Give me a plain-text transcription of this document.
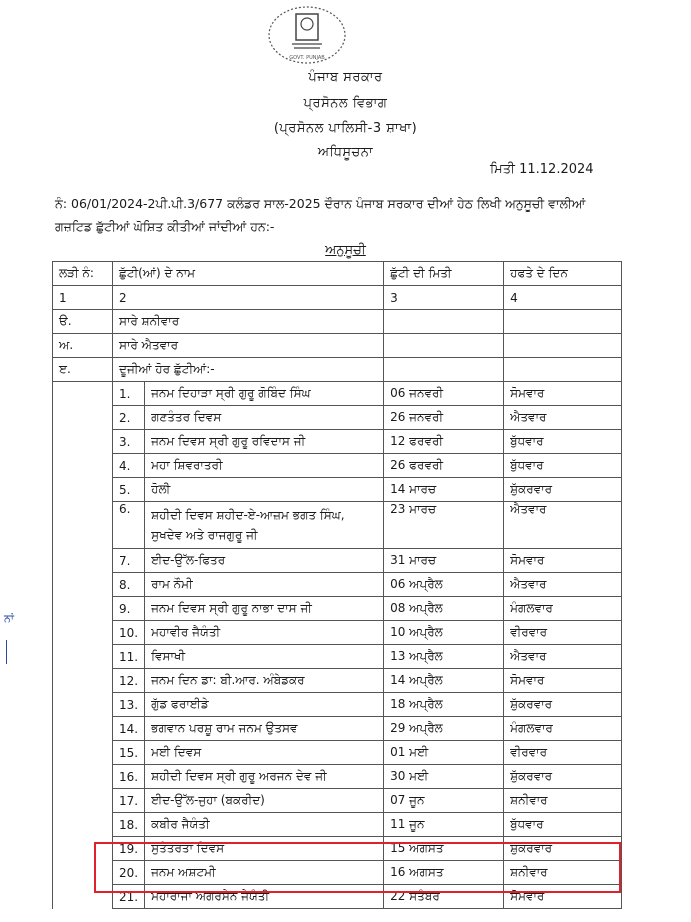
GOVT. PUNJAB
ਪੰਜਾਬ ਸਰਕਾਰ
ਪ੍ਰਸੋਨਲ ਵਿਭਾਗ
(ਪ੍ਰਸੋਨਲ ਪਾਲਿਸੀ-3 ਸ਼ਾਖਾ)
ਅਧਿਸੂਚਨਾ
ਮਿਤੀ 11.12.2024
ਨੰ: 06/01/2024-2ਪੀ.ਪੀ.3/677 ਕਲੰਡਰ ਸਾਲ-2025 ਦੌਰਾਨ ਪੰਜਾਬ ਸਰਕਾਰ ਦੀਆਂ ਹੇਠ ਲਿਖੀ ਅਨੁਸੂਚੀ ਵਾਲੀਆਂ
ਗਜ਼ਟਿਡ ਛੁੱਟੀਆਂ ਘੋਸ਼ਿਤ ਕੀਤੀਆਂ ਜਾਂਦੀਆਂ ਹਨ:-
ਅਨੁਸੂਚੀ
ਲੜੀ ਨੰ:	ਛੁੱਟੀ(ਆਂ) ਦੇ ਨਾਮ		ਛੁੱਟੀ ਦੀ ਮਿਤੀ	ਹਫਤੇ ਦੇ ਦਿਨ
1	2		3	4
ੳ.	ਸਾਰੇ ਸ਼ਨੀਵਾਰ			
ਅ.	ਸਾਰੇ ਐਤਵਾਰ			
ੲ.	ਦੂਜੀਆਂ ਹੋਰ ਛੁੱਟੀਆਂ:-			
	1.	ਜਨਮ ਦਿਹਾੜਾ ਸ੍ਰੀ ਗੁਰੂ ਗੋਬਿੰਦ ਸਿੰਘ	06 ਜਨਵਰੀ	ਸੋਮਵਾਰ
	2.	ਗਣਤੰਤਰ ਦਿਵਸ	26 ਜਨਵਰੀ	ਐਤਵਾਰ
	3.	ਜਨਮ ਦਿਵਸ ਸ੍ਰੀ ਗੁਰੂ ਰਵਿਦਾਸ ਜੀ	12 ਫਰਵਰੀ	ਬੁੱਧਵਾਰ
	4.	ਮਹਾ ਸ਼ਿਵਰਾਤਰੀ	26 ਫਰਵਰੀ	ਬੁੱਧਵਾਰ
	5.	ਹੋਲੀ	14 ਮਾਰਚ	ਸ਼ੁੱਕਰਵਾਰ
	6.	ਸ਼ਹੀਦੀ ਦਿਵਸ ਸ਼ਹੀਦ-ਏ-ਆਜ਼ਮ ਭਗਤ ਸਿੰਘ, ਸੁਖਦੇਵ ਅਤੇ ਰਾਜਗੁਰੂ ਜੀ	23 ਮਾਰਚ	ਐਤਵਾਰ
	7.	ਈਦ-ਉੱਲ-ਫਿਤਰ	31 ਮਾਰਚ	ਸੋਮਵਾਰ
	8.	ਰਾਮ ਨੌਮੀ	06 ਅਪ੍ਰੈਲ	ਐਤਵਾਰ
	9.	ਜਨਮ ਦਿਵਸ ਸ੍ਰੀ ਗੁਰੂ ਨਾਭਾ ਦਾਸ ਜੀ	08 ਅਪ੍ਰੈਲ	ਮੰਗਲਵਾਰ
	10.	ਮਹਾਵੀਰ ਜੈਯੰਤੀ	10 ਅਪ੍ਰੈਲ	ਵੀਰਵਾਰ
	11.	ਵਿਸਾਖੀ	13 ਅਪ੍ਰੈਲ	ਐਤਵਾਰ
	12.	ਜਨਮ ਦਿਨ ਡਾ: ਬੀ.ਆਰ. ਅੰਬੇਡਕਰ	14 ਅਪ੍ਰੈਲ	ਸੋਮਵਾਰ
	13.	ਗੁੱਡ ਫਰਾਈਡੇ	18 ਅਪ੍ਰੈਲ	ਸ਼ੁੱਕਰਵਾਰ
	14.	ਭਗਵਾਨ ਪਰਸ਼ੂ ਰਾਮ ਜਨਮ ਉਤਸਵ	29 ਅਪ੍ਰੈਲ	ਮੰਗਲਵਾਰ
	15.	ਮਈ ਦਿਵਸ	01 ਮਈ	ਵੀਰਵਾਰ
	16.	ਸ਼ਹੀਦੀ ਦਿਵਸ ਸ੍ਰੀ ਗੁਰੂ ਅਰਜਨ ਦੇਵ ਜੀ	30 ਮਈ	ਸ਼ੁੱਕਰਵਾਰ
	17.	ਈਦ-ਉੱਲ-ਜੁਹਾ (ਬਕਰੀਦ)	07 ਜੂਨ	ਸ਼ਨੀਵਾਰ
	18.	ਕਬੀਰ ਜੈਯੰਤੀ	11 ਜੂਨ	ਬੁੱਧਵਾਰ
	19.	ਸੁਤੰਤਰਤਾ ਦਿਵਸ	15 ਅਗਸਤ	ਸ਼ੁੱਕਰਵਾਰ
	20.	ਜਨਮ ਅਸ਼ਟਮੀ	16 ਅਗਸਤ	ਸ਼ਨੀਵਾਰ
	21.	ਮਹਾਰਾਜਾ ਅਗਰਸੈਨ ਜੈਯੰਤੀ	22 ਸਤੰਬਰ	ਸੋਮਵਾਰ
ਨਾਂ
